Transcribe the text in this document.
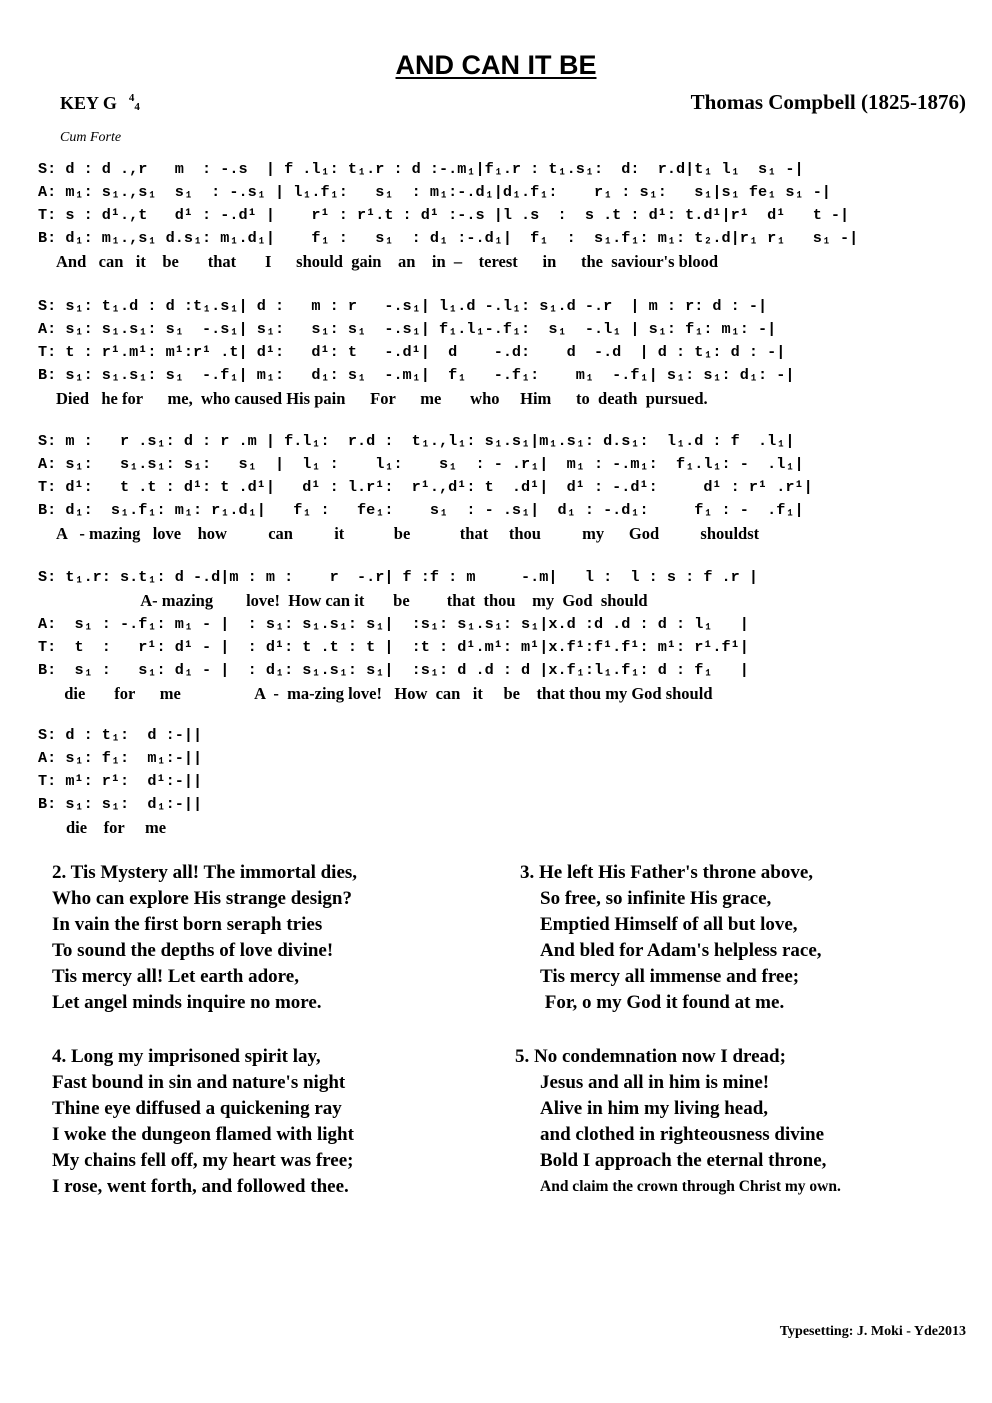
AND CAN IT BE
KEY G $^4_4$	Thomas Compbell (1825-1876)
Cum Forte
S: d : d .,r   m  : -.s  | f .l₁: t₁.r : d :-.m₁|f₁.r : t₁.s₁:  d:  r.d|t₁ l₁  s₁ -|
A: m₁: s₁.,s₁  s₁  : -.s₁ | l₁.f₁:   s₁  : m₁:-.d₁|d₁.f₁:    r₁ : s₁:   s₁|s₁ fe₁ s₁ -|
T: s : d¹.,t   d¹ : -.d¹ |    r¹ : r¹.t : d¹ :-.s |l .s  :  s .t : d¹: t.d¹|r¹  d¹   t -|
B: d₁: m₁.,s₁ d.s₁: m₁.d₁|    f₁ :   s₁  : d₁ :-.d₁|  f₁  :  s₁.f₁: m₁: t₂.d|r₁ r₁   s₁ -|
And   can   it    be       that       I      should  gain    an    in  –    terest      in      the  saviour's blood
S: s₁: t₁.d : d :t₁.s₁| d :   m : r   -.s₁| l₁.d -.l₁: s₁.d -.r  | m : r: d : -|
A: s₁: s₁.s₁: s₁  -.s₁| s₁:   s₁: s₁  -.s₁| f₁.l₁-.f₁:  s₁  -.l₁ | s₁: f₁: m₁: -|
T: t : r¹.m¹: m¹:r¹ .t| d¹:   d¹: t   -.d¹|  d    -.d:    d  -.d  | d : t₁: d : -|
B: s₁: s₁.s₁: s₁  -.f₁| m₁:   d₁: s₁  -.m₁|  f₁   -.f₁:    m₁  -.f₁| s₁: s₁: d₁: -|
Died   he for      me,  who caused His pain      For      me       who     Him      to  death  pursued.
S: m :   r .s₁: d : r .m | f.l₁:  r.d :  t₁.,l₁: s₁.s₁|m₁.s₁: d.s₁:  l₁.d : f  .l₁|
A: s₁:   s₁.s₁: s₁:   s₁  |  l₁ :    l₁:    s₁  : - .r₁|  m₁ : -.m₁:  f₁.l₁: -  .l₁|
T: d¹:   t .t : d¹: t .d¹|   d¹ : l.r¹:  r¹.,d¹: t  .d¹|  d¹ : -.d¹:     d¹ : r¹ .r¹|
B: d₁:  s₁.f₁: m₁: r₁.d₁|   f₁ :   fe₁:    s₁  : - .s₁|  d₁ : -.d₁:     f₁ : -  .f₁|
A   - mazing   love    how          can          it            be            that     thou          my      God          shouldst
S: t₁.r: s.t₁: d -.d|m : m :    r  -.r| f :f : m     -.m|   l :  l : s : f .r |
A- mazing        love!  How can it       be         that  thou    my  God  should
A:  s₁ : -.f₁: m₁ - |  : s₁: s₁.s₁: s₁|  :s₁: s₁.s₁: s₁|x.d :d .d : d : l₁   |
T:  t  :   r¹: d¹ - |  : d¹: t .t : t |  :t : d¹.m¹: m¹|x.f¹:f¹.f¹: m¹: r¹.f¹|
B:  s₁ :   s₁: d₁ - |  : d₁: s₁.s₁: s₁|  :s₁: d .d : d |x.f₁:l₁.f₁: d : f₁   |
die       for      me                  A  -  ma-zing love!   How  can   it     be    that thou my God should
S: d : t₁:  d :-||
A: s₁: f₁:  m₁:-||
T: m¹: r¹:  d¹:-||
B: s₁: s₁:  d₁:-||
die    for     me
2. Tis Mystery all! The immortal dies,
Who can explore His strange design?
In vain the first born seraph tries
To sound the depths of love divine!
Tis mercy all! Let earth adore,
Let angel minds inquire no more.
3. He left His Father's throne above,
So free, so infinite His grace,
Emptied Himself of all but love,
And bled for Adam's helpless race,
Tis mercy all immense and free;
For, o my God it found at me.
4. Long my imprisoned spirit lay,
Fast bound in sin and nature's night
Thine eye diffused a quickening ray
I woke the dungeon flamed with light
My chains fell off, my heart was free;
I rose, went forth, and followed thee.
5. No condemnation now I dread;
Jesus and all in him is mine!
Alive in him my living head,
and clothed in righteousness divine
Bold I approach the eternal throne,
And claim the crown through Christ my own.
Typesetting: J. Moki - Yde2013
